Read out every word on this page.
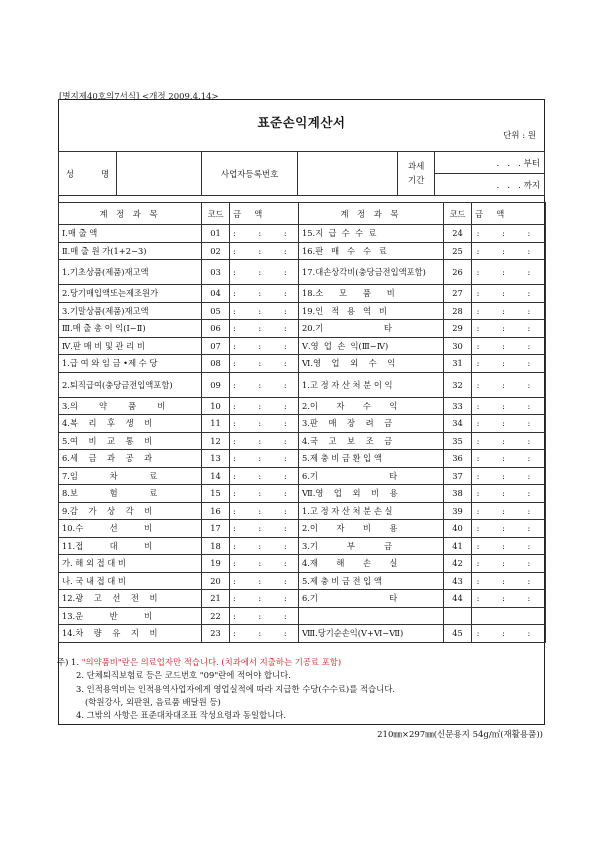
[별지제40호의7서식] <개정 2009.4.14>
표준손익계산서
단위 : 원
성          명		사업자등록번호		과세
기간	.   .   . 부터
.   .   . 까지
계 정 과 목	코드	금     액	계 정 과 목	코드	금     액
Ⅰ.매 출 액	01	: : :	15.지  급  수  수  료	24	: : :
Ⅱ.매 출 원 가(1+2−3)	02	: : :	16.판   매   수   수   료	25	: : :
1.기초상품(제품)재고액	03	: : :	17.대손상각비(충당금전입액포함)	26	: : :
2.당기매입액또는제조원가	04	: : :	18.소      모      품      비	27	: : :
3.기말상품(제품)재고액	05	: : :	19.인   적   용   역   비	28	: : :
Ⅲ.매 출 총 이 익(Ⅰ−Ⅱ)	06	: : :	20.기                       타	29	: : :
Ⅳ.판 매 비 및 관 리 비	07	: : :	Ⅴ.영  업  손  익(Ⅲ−Ⅳ)	30	: : :
1.급 여 와 임 금 •제 수 당	08	: : :	Ⅵ.영    업    외    수    익	31	: : :
2.퇴직급여(충당금전입액포함)	09	: : :	1.고 정 자 산 처 분 이 익	32	: : :
3.의        약        품        비	10	: : :	2.이       자       수       익	33	: : :
4.복    리    후    생    비	11	: : :	3.판    매    장    려    금	34	: : :
5.여    비    교    통    비	12	: : :	4.국    고    보    조    금	35	: : :
6.세    금    과    공    과	13	: : :	5.제 충 비 금 환 입 액	36	: : :
7.임            차            료	14	: : :	6.기                           타	37	: : :
8.보            험            료	15	: : :	Ⅶ.영    업    외    비    용	38	: : :
9.감    가    상    각    비	16	: : :	1.고 정 자 산 처 분 손 실	39	: : :
10.수          선          비	17	: : :	2.이       자       비       용	40	: : :
11.접          대          비	18	: : :	3.기           부           금	41	: : :
가. 해 외 접 대 비	19	: : :	4.재       해       손       실	42	: : :
나. 국 내 접 대 비	20	: : :	5.제 충 비 금 전 입 액	43	: : :
12.광    고    선    전    비	21	: : :	6.기                           타	44	: : :
13.운          반          비	22	: : :			
14.차    량    유    지    비	23	: : :	Ⅷ.당기순손익(Ⅴ+Ⅵ−Ⅶ)	45	: : :
주) 1. "의약품비"란은 의료업자만 적습니다. (치과에서 지출하는 기공료 포함)
2. 단체퇴직보험료 등은 코드번호 "09"란에 적어야 합니다.
3. 인적용역비는 인적용역사업자에게 영업실적에 따라 지급한 수당(수수료)를 적습니다.
(학원강사, 외판원, 음료품 배달원 등)
4. 그밖의 사항은 표준대차대조표 작성요령과 동일합니다.
210㎜×297㎜(신문용지 54g/㎡(재활용품))
